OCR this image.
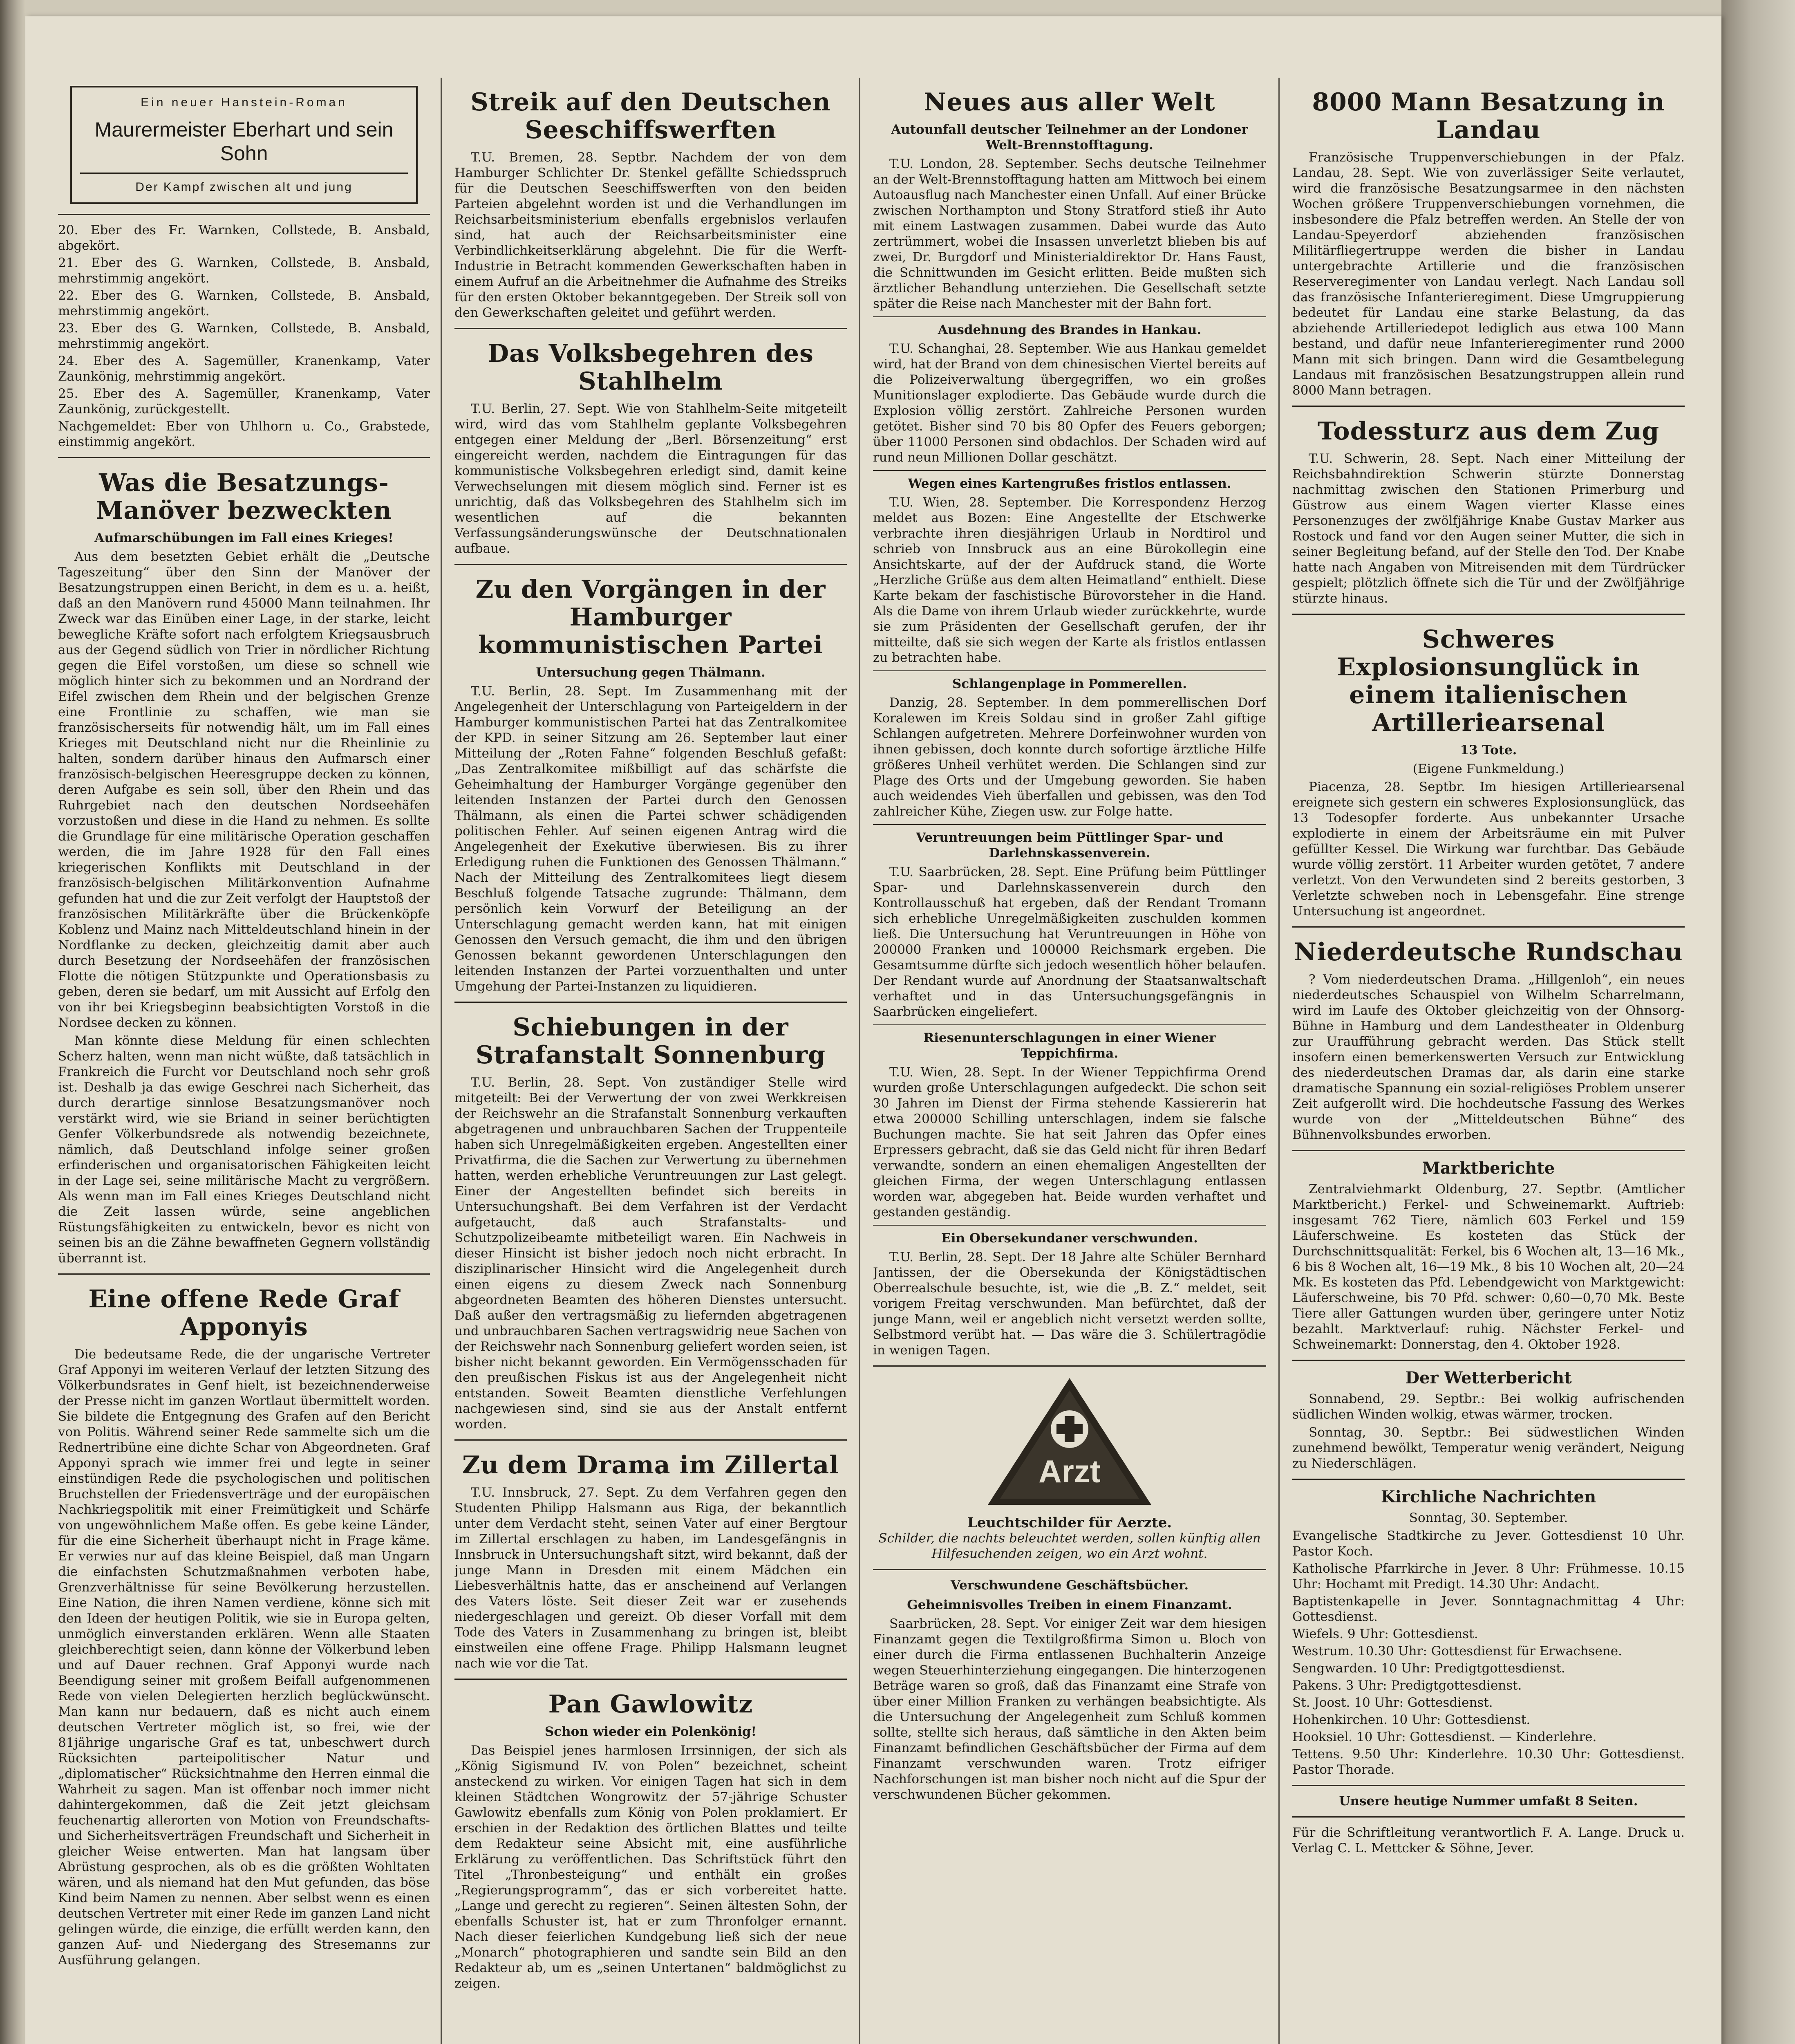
Ein neuer Hanstein-Roman
Maurermeister Eberhart und sein Sohn
Der Kampf zwischen alt und jung

20. Eber des Fr. Warnken, Collstede, B. Ansbald, abgekört.

21. Eber des G. Warnken, Collstede, B. Ansbald, mehrstimmig angekört.

22. Eber des G. Warnken, Collstede, B. Ansbald, mehrstimmig angekört.

23. Eber des G. Warnken, Collstede, B. Ansbald, mehrstimmig angekört.

24. Eber des A. Sagemüller, Kranenkamp, Vater Zaunkönig, mehrstimmig angekört.

25. Eber des A. Sagemüller, Kranenkamp, Vater Zaunkönig, zurückgestellt.

Nachgemeldet: Eber von Uhlhorn u. Co., Grabstede, einstimmig angekört.

Was die Besatzungs-Manöver bezweckten
Aufmarschübungen im Fall eines Krieges!

Aus dem besetzten Gebiet erhält die „Deutsche Tageszeitung“ über den Sinn der Manöver der Besatzungstruppen einen Bericht, in dem es u. a. heißt, daß an den Manövern rund 45000 Mann teilnahmen. Ihr Zweck war das Einüben einer Lage, in der starke, leicht bewegliche Kräfte sofort nach erfolgtem Kriegsausbruch aus der Gegend südlich von Trier in nördlicher Richtung gegen die Eifel vorstoßen, um diese so schnell wie möglich hinter sich zu bekommen und an Nordrand der Eifel zwischen dem Rhein und der belgischen Grenze eine Frontlinie zu schaffen, wie man sie französischerseits für notwendig hält, um im Fall eines Krieges mit Deutschland nicht nur die Rheinlinie zu halten, sondern darüber hinaus den Aufmarsch einer französisch-belgischen Heeresgruppe decken zu können, deren Aufgabe es sein soll, über den Rhein und das Ruhrgebiet nach den deutschen Nordseehäfen vorzustoßen und diese in die Hand zu nehmen. Es sollte die Grundlage für eine militärische Operation geschaffen werden, die im Jahre 1928 für den Fall eines kriegerischen Konflikts mit Deutschland in der französisch-belgischen Militärkonvention Aufnahme gefunden hat und die zur Zeit verfolgt der Hauptstoß der französischen Militärkräfte über die Brückenköpfe Koblenz und Mainz nach Mitteldeutschland hinein in der Nordflanke zu decken, gleichzeitig damit aber auch durch Besetzung der Nordseehäfen der französischen Flotte die nötigen Stützpunkte und Operationsbasis zu geben, deren sie bedarf, um mit Aussicht auf Erfolg den von ihr bei Kriegsbeginn beabsichtigten Vorstoß in die Nordsee decken zu können.

Man könnte diese Meldung für einen schlechten Scherz halten, wenn man nicht wüßte, daß tatsächlich in Frankreich die Furcht vor Deutschland noch sehr groß ist. Deshalb ja das ewige Geschrei nach Sicherheit, das durch derartige sinnlose Besatzungsmanöver noch verstärkt wird, wie sie Briand in seiner berüchtigten Genfer Völkerbundsrede als notwendig bezeichnete, nämlich, daß Deutschland infolge seiner großen erfinderischen und organisatorischen Fähigkeiten leicht in der Lage sei, seine militärische Macht zu vergrößern. Als wenn man im Fall eines Krieges Deutschland nicht die Zeit lassen würde, seine angeblichen Rüstungsfähigkeiten zu entwickeln, bevor es nicht von seinen bis an die Zähne bewaffneten Gegnern vollständig überrannt ist.

Eine offene Rede Graf Apponyis

Die bedeutsame Rede, die der ungarische Vertreter Graf Apponyi im weiteren Verlauf der letzten Sitzung des Völkerbundsrates in Genf hielt, ist bezeichnenderweise der Presse nicht im ganzen Wortlaut übermittelt worden. Sie bildete die Entgegnung des Grafen auf den Bericht von Politis. Während seiner Rede sammelte sich um die Rednertribüne eine dichte Schar von Abgeordneten. Graf Apponyi sprach wie immer frei und legte in seiner einstündigen Rede die psychologischen und politischen Bruchstellen der Friedensverträge und der europäischen Nachkriegspolitik mit einer Freimütigkeit und Schärfe von ungewöhnlichem Maße offen. Es gebe keine Länder, für die eine Sicherheit überhaupt nicht in Frage käme. Er verwies nur auf das kleine Beispiel, daß man Ungarn die einfachsten Schutzmaßnahmen verboten habe, Grenzverhältnisse für seine Bevölkerung herzustellen. Eine Nation, die ihren Namen verdiene, könne sich mit den Ideen der heutigen Politik, wie sie in Europa gelten, unmöglich einverstanden erklären. Wenn alle Staaten gleichberechtigt seien, dann könne der Völkerbund leben und auf Dauer rechnen. Graf Apponyi wurde nach Beendigung seiner mit großem Beifall aufgenommenen Rede von vielen Delegierten herzlich beglückwünscht. Man kann nur bedauern, daß es nicht auch einem deutschen Vertreter möglich ist, so frei, wie der 81jährige ungarische Graf es tat, unbeschwert durch Rücksichten parteipolitischer Natur und „diplomatischer“ Rücksichtnahme den Herren einmal die Wahrheit zu sagen. Man ist offenbar noch immer nicht dahintergekommen, daß die Zeit jetzt gleichsam feuchenartig allerorten von Motion von Freundschafts- und Sicherheitsverträgen Freundschaft und Sicherheit in gleicher Weise entwerten. Man hat langsam über Abrüstung gesprochen, als ob es die größten Wohltaten wären, und als niemand hat den Mut gefunden, das böse Kind beim Namen zu nennen. Aber selbst wenn es einen deutschen Vertreter mit einer Rede im ganzen Land nicht gelingen würde, die einzige, die erfüllt werden kann, den ganzen Auf- und Niedergang des Stresemanns zur Ausführung gelangen.

Streik auf den Deutschen Seeschiffswerften

T.U. Bremen, 28. Septbr. Nachdem der von dem Hamburger Schlichter Dr. Stenkel gefällte Schiedsspruch für die Deutschen Seeschiffswerften von den beiden Parteien abgelehnt worden ist und die Verhandlungen im Reichsarbeitsministerium ebenfalls ergebnislos verlaufen sind, hat auch der Reichsarbeitsminister eine Verbindlichkeitserklärung abgelehnt. Die für die Werft-Industrie in Betracht kommenden Gewerkschaften haben in einem Aufruf an die Arbeitnehmer die Aufnahme des Streiks für den ersten Oktober bekanntgegeben. Der Streik soll von den Gewerkschaften geleitet und geführt werden.

Das Volksbegehren des Stahlhelm

T.U. Berlin, 27. Sept. Wie von Stahlhelm-Seite mitgeteilt wird, wird das vom Stahlhelm geplante Volksbegehren entgegen einer Meldung der „Berl. Börsenzeitung“ erst eingereicht werden, nachdem die Eintragungen für das kommunistische Volksbegehren erledigt sind, damit keine Verwechselungen mit diesem möglich sind. Ferner ist es unrichtig, daß das Volksbegehren des Stahlhelm sich im wesentlichen auf die bekannten Verfassungsänderungswünsche der Deutschnationalen aufbaue.

Zu den Vorgängen in der Hamburger kommunistischen Partei
Untersuchung gegen Thälmann.

T.U. Berlin, 28. Sept. Im Zusammenhang mit der Angelegenheit der Unterschlagung von Parteigeldern in der Hamburger kommunistischen Partei hat das Zentralkomitee der KPD. in seiner Sitzung am 26. September laut einer Mitteilung der „Roten Fahne“ folgenden Beschluß gefaßt: „Das Zentralkomitee mißbilligt auf das schärfste die Geheimhaltung der Hamburger Vorgänge gegenüber den leitenden Instanzen der Partei durch den Genossen Thälmann, als einen die Partei schwer schädigenden politischen Fehler. Auf seinen eigenen Antrag wird die Angelegenheit der Exekutive überwiesen. Bis zu ihrer Erledigung ruhen die Funktionen des Genossen Thälmann.“ Nach der Mitteilung des Zentralkomitees liegt diesem Beschluß folgende Tatsache zugrunde: Thälmann, dem persönlich kein Vorwurf der Beteiligung an der Unterschlagung gemacht werden kann, hat mit einigen Genossen den Versuch gemacht, die ihm und den übrigen Genossen bekannt gewordenen Unterschlagungen den leitenden Instanzen der Partei vorzuenthalten und unter Umgehung der Partei-Instanzen zu liquidieren.

Schiebungen in der Strafanstalt Sonnenburg

T.U. Berlin, 28. Sept. Von zuständiger Stelle wird mitgeteilt: Bei der Verwertung der von zwei Werkkreisen der Reichswehr an die Strafanstalt Sonnenburg verkauften abgetragenen und unbrauchbaren Sachen der Truppenteile haben sich Unregelmäßigkeiten ergeben. Angestellten einer Privatfirma, die die Sachen zur Verwertung zu übernehmen hatten, werden erhebliche Veruntreuungen zur Last gelegt. Einer der Angestellten befindet sich bereits in Untersuchungshaft. Bei dem Verfahren ist der Verdacht aufgetaucht, daß auch Strafanstalts- und Schutzpolizeibeamte mitbeteiligt waren. Ein Nachweis in dieser Hinsicht ist bisher jedoch noch nicht erbracht. In disziplinarischer Hinsicht wird die Angelegenheit durch einen eigens zu diesem Zweck nach Sonnenburg abgeordneten Beamten des höheren Dienstes untersucht. Daß außer den vertragsmäßig zu liefernden abgetragenen und unbrauchbaren Sachen vertragswidrig neue Sachen von der Reichswehr nach Sonnenburg geliefert worden seien, ist bisher nicht bekannt geworden. Ein Vermögensschaden für den preußischen Fiskus ist aus der Angelegenheit nicht entstanden. Soweit Beamten dienstliche Verfehlungen nachgewiesen sind, sind sie aus der Anstalt entfernt worden.

Zu dem Drama im Zillertal

T.U. Innsbruck, 27. Sept. Zu dem Verfahren gegen den Studenten Philipp Halsmann aus Riga, der bekanntlich unter dem Verdacht steht, seinen Vater auf einer Bergtour im Zillertal erschlagen zu haben, im Landesgefängnis in Innsbruck in Untersuchungshaft sitzt, wird bekannt, daß der junge Mann in Dresden mit einem Mädchen ein Liebesverhältnis hatte, das er anscheinend auf Verlangen des Vaters löste. Seit dieser Zeit war er zusehends niedergeschlagen und gereizt. Ob dieser Vorfall mit dem Tode des Vaters in Zusammenhang zu bringen ist, bleibt einstweilen eine offene Frage. Philipp Halsmann leugnet nach wie vor die Tat.

Pan Gawlowitz
Schon wieder ein Polenkönig!

Das Beispiel jenes harmlosen Irrsinnigen, der sich als „König Sigismund IV. von Polen“ bezeichnet, scheint ansteckend zu wirken. Vor einigen Tagen hat sich in dem kleinen Städtchen Wongrowitz der 57-jährige Schuster Gawlowitz ebenfalls zum König von Polen proklamiert. Er erschien in der Redaktion des örtlichen Blattes und teilte dem Redakteur seine Absicht mit, eine ausführliche Erklärung zu veröffentlichen. Das Schriftstück führt den Titel „Thronbesteigung“ und enthält ein großes „Regierungsprogramm“, das er sich vorbereitet hatte. „Lange und gerecht zu regieren“. Seinen ältesten Sohn, der ebenfalls Schuster ist, hat er zum Thronfolger ernannt. Nach dieser feierlichen Kundgebung ließ sich der neue „Monarch“ photographieren und sandte sein Bild an den Redakteur ab, um es „seinen Untertanen“ baldmöglichst zu zeigen.

Neues aus aller Welt
Autounfall deutscher Teilnehmer an der Londoner Welt-Brennstofftagung.

T.U. London, 28. September. Sechs deutsche Teilnehmer an der Welt-Brennstofftagung hatten am Mittwoch bei einem Autoausflug nach Manchester einen Unfall. Auf einer Brücke zwischen Northampton und Stony Stratford stieß ihr Auto mit einem Lastwagen zusammen. Dabei wurde das Auto zertrümmert, wobei die Insassen unverletzt blieben bis auf zwei, Dr. Burgdorf und Ministerialdirektor Dr. Hans Faust, die Schnittwunden im Gesicht erlitten. Beide mußten sich ärztlicher Behandlung unterziehen. Die Gesellschaft setzte später die Reise nach Manchester mit der Bahn fort.

Ausdehnung des Brandes in Hankau.

T.U. Schanghai, 28. September. Wie aus Hankau gemeldet wird, hat der Brand von dem chinesischen Viertel bereits auf die Polizeiverwaltung übergegriffen, wo ein großes Munitionslager explodierte. Das Gebäude wurde durch die Explosion völlig zerstört. Zahlreiche Personen wurden getötet. Bisher sind 70 bis 80 Opfer des Feuers geborgen; über 11000 Personen sind obdachlos. Der Schaden wird auf rund neun Millionen Dollar geschätzt.

Wegen eines Kartengrußes fristlos entlassen.

T.U. Wien, 28. September. Die Korrespondenz Herzog meldet aus Bozen: Eine Angestellte der Etschwerke verbrachte ihren diesjährigen Urlaub in Nordtirol und schrieb von Innsbruck aus an eine Bürokollegin eine Ansichtskarte, auf der der Aufdruck stand, die Worte „Herzliche Grüße aus dem alten Heimatland“ enthielt. Diese Karte bekam der faschistische Bürovorsteher in die Hand. Als die Dame von ihrem Urlaub wieder zurückkehrte, wurde sie zum Präsidenten der Gesellschaft gerufen, der ihr mitteilte, daß sie sich wegen der Karte als fristlos entlassen zu betrachten habe.

Schlangenplage in Pommerellen.

Danzig, 28. September. In dem pommerellischen Dorf Koralewen im Kreis Soldau sind in großer Zahl giftige Schlangen aufgetreten. Mehrere Dorfeinwohner wurden von ihnen gebissen, doch konnte durch sofortige ärztliche Hilfe größeres Unheil verhütet werden. Die Schlangen sind zur Plage des Orts und der Umgebung geworden. Sie haben auch weidendes Vieh überfallen und gebissen, was den Tod zahlreicher Kühe, Ziegen usw. zur Folge hatte.

Veruntreuungen beim Püttlinger Spar- und Darlehnskassenverein.

T.U. Saarbrücken, 28. Sept. Eine Prüfung beim Püttlinger Spar- und Darlehnskassenverein durch den Kontrollausschuß hat ergeben, daß der Rendant Tromann sich erhebliche Unregelmäßigkeiten zuschulden kommen ließ. Die Untersuchung hat Veruntreuungen in Höhe von 200000 Franken und 100000 Reichsmark ergeben. Die Gesamtsumme dürfte sich jedoch wesentlich höher belaufen. Der Rendant wurde auf Anordnung der Staatsanwaltschaft verhaftet und in das Untersuchungsgefängnis in Saarbrücken eingeliefert.

Riesenunterschlagungen in einer Wiener Teppichfirma.

T.U. Wien, 28. Sept. In der Wiener Teppichfirma Orend wurden große Unterschlagungen aufgedeckt. Die schon seit 30 Jahren im Dienst der Firma stehende Kassiererin hat etwa 200000 Schilling unterschlagen, indem sie falsche Buchungen machte. Sie hat seit Jahren das Opfer eines Erpressers gebracht, daß sie das Geld nicht für ihren Bedarf verwandte, sondern an einen ehemaligen Angestellten der gleichen Firma, der wegen Unterschlagung entlassen worden war, abgegeben hat. Beide wurden verhaftet und gestanden geständig.

Ein Obersekundaner verschwunden.

T.U. Berlin, 28. Sept. Der 18 Jahre alte Schüler Bernhard Jantissen, der die Obersekunda der Königstädtischen Oberrealschule besuchte, ist, wie die „B. Z.“ meldet, seit vorigem Freitag verschwunden. Man befürchtet, daß der junge Mann, weil er angeblich nicht versetzt werden sollte, Selbstmord verübt hat. — Das wäre die 3. Schülertragödie in wenigen Tagen.

Arzt
Leuchtschilder für Aerzte.
Schilder, die nachts beleuchtet werden, sollen künftig allen Hilfesuchenden zeigen, wo ein Arzt wohnt.
Verschwundene Geschäftsbücher.
Geheimnisvolles Treiben in einem Finanzamt.

Saarbrücken, 28. Sept. Vor einiger Zeit war dem hiesigen Finanzamt gegen die Textilgroßfirma Simon u. Bloch von einer durch die Firma entlassenen Buchhalterin Anzeige wegen Steuerhinterziehung eingegangen. Die hinterzogenen Beträge waren so groß, daß das Finanzamt eine Strafe von über einer Million Franken zu verhängen beabsichtigte. Als die Untersuchung der Angelegenheit zum Schluß kommen sollte, stellte sich heraus, daß sämtliche in den Akten beim Finanzamt befindlichen Geschäftsbücher der Firma auf dem Finanzamt verschwunden waren. Trotz eifriger Nachforschungen ist man bisher noch nicht auf die Spur der verschwundenen Bücher gekommen.

8000 Mann Besatzung in Landau

Französische Truppenverschiebungen in der Pfalz. Landau, 28. Sept. Wie von zuverlässiger Seite verlautet, wird die französische Besatzungsarmee in den nächsten Wochen größere Truppenverschiebungen vornehmen, die insbesondere die Pfalz betreffen werden. An Stelle der von Landau-Speyerdorf abziehenden französischen Militärfliegertruppe werden die bisher in Landau untergebrachte Artillerie und die französischen Reserveregimenter von Landau verlegt. Nach Landau soll das französische Infanterieregiment. Diese Umgruppierung bedeutet für Landau eine starke Belastung, da das abziehende Artilleriedepot lediglich aus etwa 100 Mann bestand, und dafür neue Infanterieregimenter rund 2000 Mann mit sich bringen. Dann wird die Gesamtbelegung Landaus mit französischen Besatzungstruppen allein rund 8000 Mann betragen.

Todessturz aus dem Zug

T.U. Schwerin, 28. Sept. Nach einer Mitteilung der Reichsbahndirektion Schwerin stürzte Donnerstag nachmittag zwischen den Stationen Primerburg und Güstrow aus einem Wagen vierter Klasse eines Personenzuges der zwölfjährige Knabe Gustav Marker aus Rostock und fand vor den Augen seiner Mutter, die sich in seiner Begleitung befand, auf der Stelle den Tod. Der Knabe hatte nach Angaben von Mitreisenden mit dem Türdrücker gespielt; plötzlich öffnete sich die Tür und der Zwölfjährige stürzte hinaus.

Schweres Explosionsunglück in einem italienischen Artilleriearsenal
13 Tote.

(Eigene Funkmeldung.)

Piacenza, 28. Septbr. Im hiesigen Artilleriearsenal ereignete sich gestern ein schweres Explosionsunglück, das 13 Todesopfer forderte. Aus unbekannter Ursache explodierte in einem der Arbeitsräume ein mit Pulver gefüllter Kessel. Die Wirkung war furchtbar. Das Gebäude wurde völlig zerstört. 11 Arbeiter wurden getötet, 7 andere verletzt. Von den Verwundeten sind 2 bereits gestorben, 3 Verletzte schweben noch in Lebensgefahr. Eine strenge Untersuchung ist angeordnet.

Niederdeutsche Rundschau

? Vom niederdeutschen Drama. „Hillgenloh“, ein neues niederdeutsches Schauspiel von Wilhelm Scharrelmann, wird im Laufe des Oktober gleichzeitig von der Ohnsorg-Bühne in Hamburg und dem Landestheater in Oldenburg zur Uraufführung gebracht werden. Das Stück stellt insofern einen bemerkenswerten Versuch zur Entwicklung des niederdeutschen Dramas dar, als darin eine starke dramatische Spannung ein sozial-religiöses Problem unserer Zeit aufgerollt wird. Die hochdeutsche Fassung des Werkes wurde von der „Mitteldeutschen Bühne“ des Bühnenvolksbundes erworben.

Marktberichte

Zentralviehmarkt Oldenburg, 27. Septbr. (Amtlicher Marktbericht.) Ferkel- und Schweinemarkt. Auftrieb: insgesamt 762 Tiere, nämlich 603 Ferkel und 159 Läuferschweine. Es kosteten das Stück der Durchschnittsqualität: Ferkel, bis 6 Wochen alt, 13—16 Mk., 6 bis 8 Wochen alt, 16—19 Mk., 8 bis 10 Wochen alt, 20—24 Mk. Es kosteten das Pfd. Lebendgewicht von Marktgewicht: Läuferschweine, bis 70 Pfd. schwer: 0,60—0,70 Mk. Beste Tiere aller Gattungen wurden über, geringere unter Notiz bezahlt. Marktverlauf: ruhig. Nächster Ferkel- und Schweinemarkt: Donnerstag, den 4. Oktober 1928.

Der Wetterbericht

Sonnabend, 29. Septbr.: Bei wolkig aufrischenden südlichen Winden wolkig, etwas wärmer, trocken.

Sonntag, 30. Septbr.: Bei südwestlichen Winden zunehmend bewölkt, Temperatur wenig verändert, Neigung zu Niederschlägen.

Kirchliche Nachrichten

Sonntag, 30. September.

Evangelische Stadtkirche zu Jever. Gottesdienst 10 Uhr. Pastor Koch.

Katholische Pfarrkirche in Jever. 8 Uhr: Frühmesse. 10.15 Uhr: Hochamt mit Predigt. 14.30 Uhr: Andacht.

Baptistenkapelle in Jever. Sonntagnachmittag 4 Uhr: Gottesdienst.

Wiefels. 9 Uhr: Gottesdienst.

Westrum. 10.30 Uhr: Gottesdienst für Erwachsene.

Sengwarden. 10 Uhr: Predigtgottesdienst.

Pakens. 3 Uhr: Predigtgottesdienst.

St. Joost. 10 Uhr: Gottesdienst.

Hohenkirchen. 10 Uhr: Gottesdienst.

Hooksiel. 10 Uhr: Gottesdienst. — Kinderlehre.

Tettens. 9.50 Uhr: Kinderlehre. 10.30 Uhr: Gottesdienst. Pastor Thorade.

Unsere heutige Nummer umfaßt 8 Seiten.

Für die Schriftleitung verantwortlich F. A. Lange. Druck u. Verlag C. L. Mettcker & Söhne, Jever.
